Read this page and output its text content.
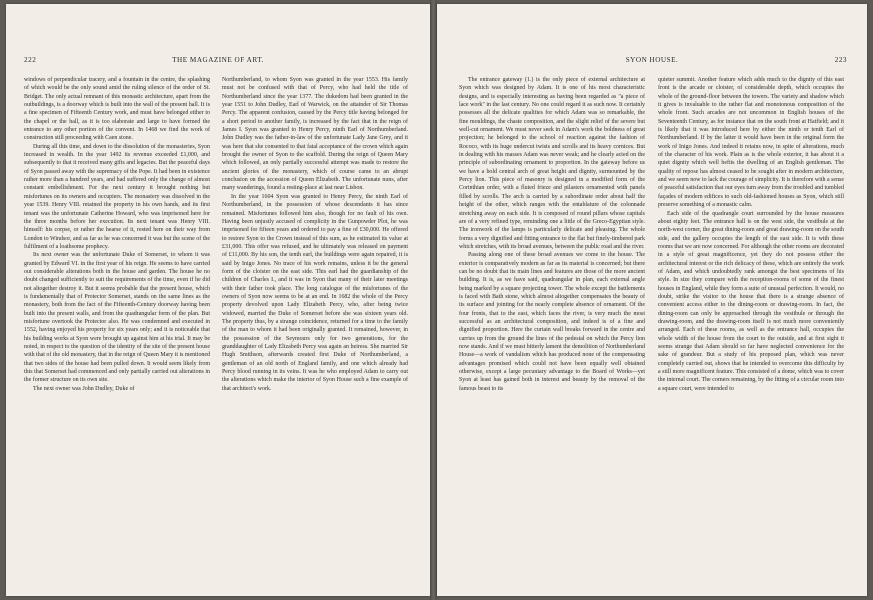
222	THE MAGAZINE OF ART.

windows of perpendicular tracery, and a fountain in the centre, the splashing of which would be the only sound amid the ruling silence of the order of St. Bridget. The only actual remnant of this monastic architecture, apart from the outbuildings, is a doorway which is built into the wall of the present hall. It is a fine specimen of Fifteenth Century work, and must have belonged either to the chapel or the hall, as it is too elaborate and large to have formed the entrance to any other portion of the convent. In 1468 we find the work of construction still proceeding with Caen stone.

During all this time, and down to the dissolution of the monasteries, Syon increased in wealth. In the year 1492 its revenue exceeded £1,000, and subsequently to that it received many gifts and legacies. But the peaceful days of Syon passed away with the supremacy of the Pope. It had been in existence rather more than a hundred years, and had suffered only the change of almost constant embellishment. For the next century it brought nothing but misfortunes on its owners and occupiers. The monastery was dissolved in the year 1539. Henry VIII. retained the property in his own hands, and its first tenant was the unfortunate Catherine Howard, who was imprisoned here for the three months before her execution. Its next tenant was Henry VIII. himself: his corpse, or rather the hearse of it, rested here on their way from London to Windsor, and as far as he was concerned it was but the scene of the fulfilment of a loathsome prophecy.

Its next owner was the unfortunate Duke of Somerset, to whom it was granted by Edward VI. in the first year of his reign. He seems to have carried out considerable alterations both in the house and garden. The house he no doubt changed sufficiently to suit the requirements of the time, even if he did not altogether destroy it. But it seems probable that the present house, which is fundamentally that of Protector Somerset, stands on the same lines as the monastery, both from the fact of the Fifteenth-Century doorway having been built into the present walls, and from the quadrangular form of the plan. But misfortune overtook the Protector also. He was condemned and executed in 1552, having enjoyed his property for six years only; and it is noticeable that his building works at Syon were brought up against him at his trial. It may be noted, in respect to the question of the identity of the site of the present house with that of the old monastery, that in the reign of Queen Mary it is mentioned that two sides of the house had been pulled down. It would seem likely from this that Somerset had commenced and only partially carried out alterations in the former structure on its own site.

The next owner was John Dudley, Duke of

Northumberland, to whom Syon was granted in the year 1553. His family must not be confused with that of Percy, who had held the title of Northumberland since the year 1377. The dukedom had been granted in the year 1551 to John Dudley, Earl of Warwick, on the attainder of Sir Thomas Percy. The apparent confusion, caused by the Percy title having belonged for a short period to another family, is increased by the fact that in the reign of James I. Syon was granted to Henry Percy, ninth Earl of Northumberland. John Dudley was the father-in-law of the unfortunate Lady Jane Grey, and it was here that she consented to that fatal acceptance of the crown which again brought the owner of Syon to the scaffold. During the reign of Queen Mary which followed, an only partially successful attempt was made to restore the ancient glories of the monastery, which of course came to an abrupt conclusion on the accession of Queen Elizabeth. The unfortunate nuns, after many wanderings, found a resting-place at last near Lisbon.

In the year 1604 Syon was granted to Henry Percy, the ninth Earl of Northumberland, in the possession of whose descendants it has since remained. Misfortunes followed him also, though for no fault of his own. Having been unjustly accused of complicity in the Gunpowder Plot, he was imprisoned for fifteen years and ordered to pay a fine of £30,000. He offered to restore Syon to the Crown instead of this sum, as he estimated its value at £31,000. This offer was refused, and he ultimately was released on payment of £11,000. By his son, the tenth earl, the buildings were again repaired, it is said by Inigo Jones. No trace of his work remains, unless it be the general form of the cloister on the east side. This earl had the guardianship of the children of Charles I., and it was in Syon that many of their later meetings with their father took place. The long catalogue of the misfortunes of the owners of Syon now seems to be at an end. In 1682 the whole of the Percy property devolved upon Lady Elizabeth Percy, who, after being twice widowed, married the Duke of Somerset before she was sixteen years old. The property thus, by a strange coincidence, returned for a time to the family of the man to whom it had been originally granted. It remained, however, in the possession of the Seymours only for two generations, for the granddaughter of Lady Elizabeth Percy was again an heiress. She married Sir Hugh Smithson, afterwards created first Duke of Northumberland, a gentleman of an old north of England family, and one which already had Percy blood running in its veins. It was he who employed Adam to carry out the alterations which make the interior of Syon House such a fine example of that architect's work.

SYON HOUSE.	223

The entrance gateway (1.) is the only piece of external architecture at Syon which was designed by Adam. It is one of his most characteristic designs, and is especially interesting as having been regarded as "a piece of lace work" in the last century. No one could regard it as such now. It certainly possesses all the delicate qualities for which Adam was so remarkable, the fine mouldings, the chaste composition, and the slight relief of the severe but well-cut ornament. We must never seek in Adam's work the boldness of great projection; he belonged to the school of reaction against the fashion of Rococo, with its huge undercut twists and scrolls and its heavy cornices. But in dealing with his masses Adam was never weak; and he clearly acted on the principle of subordinating ornament to proportion. In the gateway before us we have a bold central arch of great height and dignity, surmounted by the Percy lion. This piece of masonry is designed in a modified form of the Corinthian order, with a fluted frieze and pilasters ornamented with panels filled by scrolls. The arch is carried by a subordinate order about half the height of the other, which ranges with the entablature of the colonnade stretching away on each side. It is composed of round pillars whose capitals are of a very refined type, reminding one a little of the Greco-Egyptian style. The ironwork of the lamps is particularly delicate and pleasing. The whole forms a very dignified and fitting entrance to the flat but finely-timbered park which stretches, with its broad avenues, between the public road and the river.

Passing along one of these broad avenues we come to the house. The exterior is comparatively modern as far as its material is concerned; but there can be no doubt that its main lines and features are those of the more ancient building. It is, as we have said, quadrangular in plan, each external angle being marked by a square projecting tower. The whole except the battlements is faced with Bath stone, which almost altogether compensates the beauty of its surface and jointing for the nearly complete absence of ornament. Of the four fronts, that to the east, which faces the river, is very much the most successful as an architectural composition, and indeed is of a fine and dignified proportion. Here the curtain wall breaks forward in the centre and carries up from the ground the lines of the pedestal on which the Percy lion now stands. And if we must bitterly lament the demolition of Northumberland House—a work of vandalism which has produced none of the compensating advantages promised which could not have been equally well obtained otherwise, except a large pecuniary advantage to the Board of Works—yet Syon at least has gained both in interest and beauty by the removal of the famous beast to its

quieter summit. Another feature which adds much to the dignity of this east front is the arcade or cloister, of considerable depth, which occupies the whole of the ground-floor between the towers. The variety and shadow which it gives is invaluable to the rather flat and monotonous composition of the whole front. Such arcades are not uncommon in English houses of the Seventeenth Century, as for instance that on the south front at Hatfield; and it is likely that it was introduced here by either the ninth or tenth Earl of Northumberland. If by the latter it would have been in the original form the work of Inigo Jones. And indeed it retains now, in spite of alterations, much of the character of his work. Plain as is the whole exterior, it has about it a quiet dignity which well befits the dwelling of an English gentleman. The quality of repose has almost ceased to be sought after in modern architecture, and we seem now to lack the courage of simplicity. It is therefore with a sense of peaceful satisfaction that our eyes turn away from the troubled and tumbled façades of modern edifices to such old-fashioned houses as Syon, which still preserve something of a monastic calm.

Each side of the quadrangle court surrounded by the house measures about eighty feet. The entrance hall is on the west side, the vestibule at the north-west corner, the great dining-room and great drawing-room on the south side, and the gallery occupies the length of the east side. It is with these rooms that we are now concerned. For although the other rooms are decorated in a style of great magnificence, yet they do not possess either the architectural interest or the rich delicacy of these, which are entirely the work of Adam, and which undoubtedly rank amongst the best specimens of his style. In size they compare with the reception-rooms of some of the finest houses in England, while they form a suite of unusual perfection. It would, no doubt, strike the visitor to the house that there is a strange absence of convenient access either to the dining-room or drawing-room. In fact, the dining-room can only be approached through the vestibule or through the drawing-room, and the drawing-room itself is not much more conveniently arranged. Each of these rooms, as well as the entrance hall, occupies the whole width of the house from the court to the outside, and at first sight it seems strange that Adam should so far have neglected convenience for the sake of grandeur. But a study of his proposed plan, which was never completely carried out, shows that he intended to overcome this difficulty by a still more magnificent feature. This consisted of a dome, which was to cover the internal court. The corners remaining, by the fitting of a circular room into a square court, were intended to
